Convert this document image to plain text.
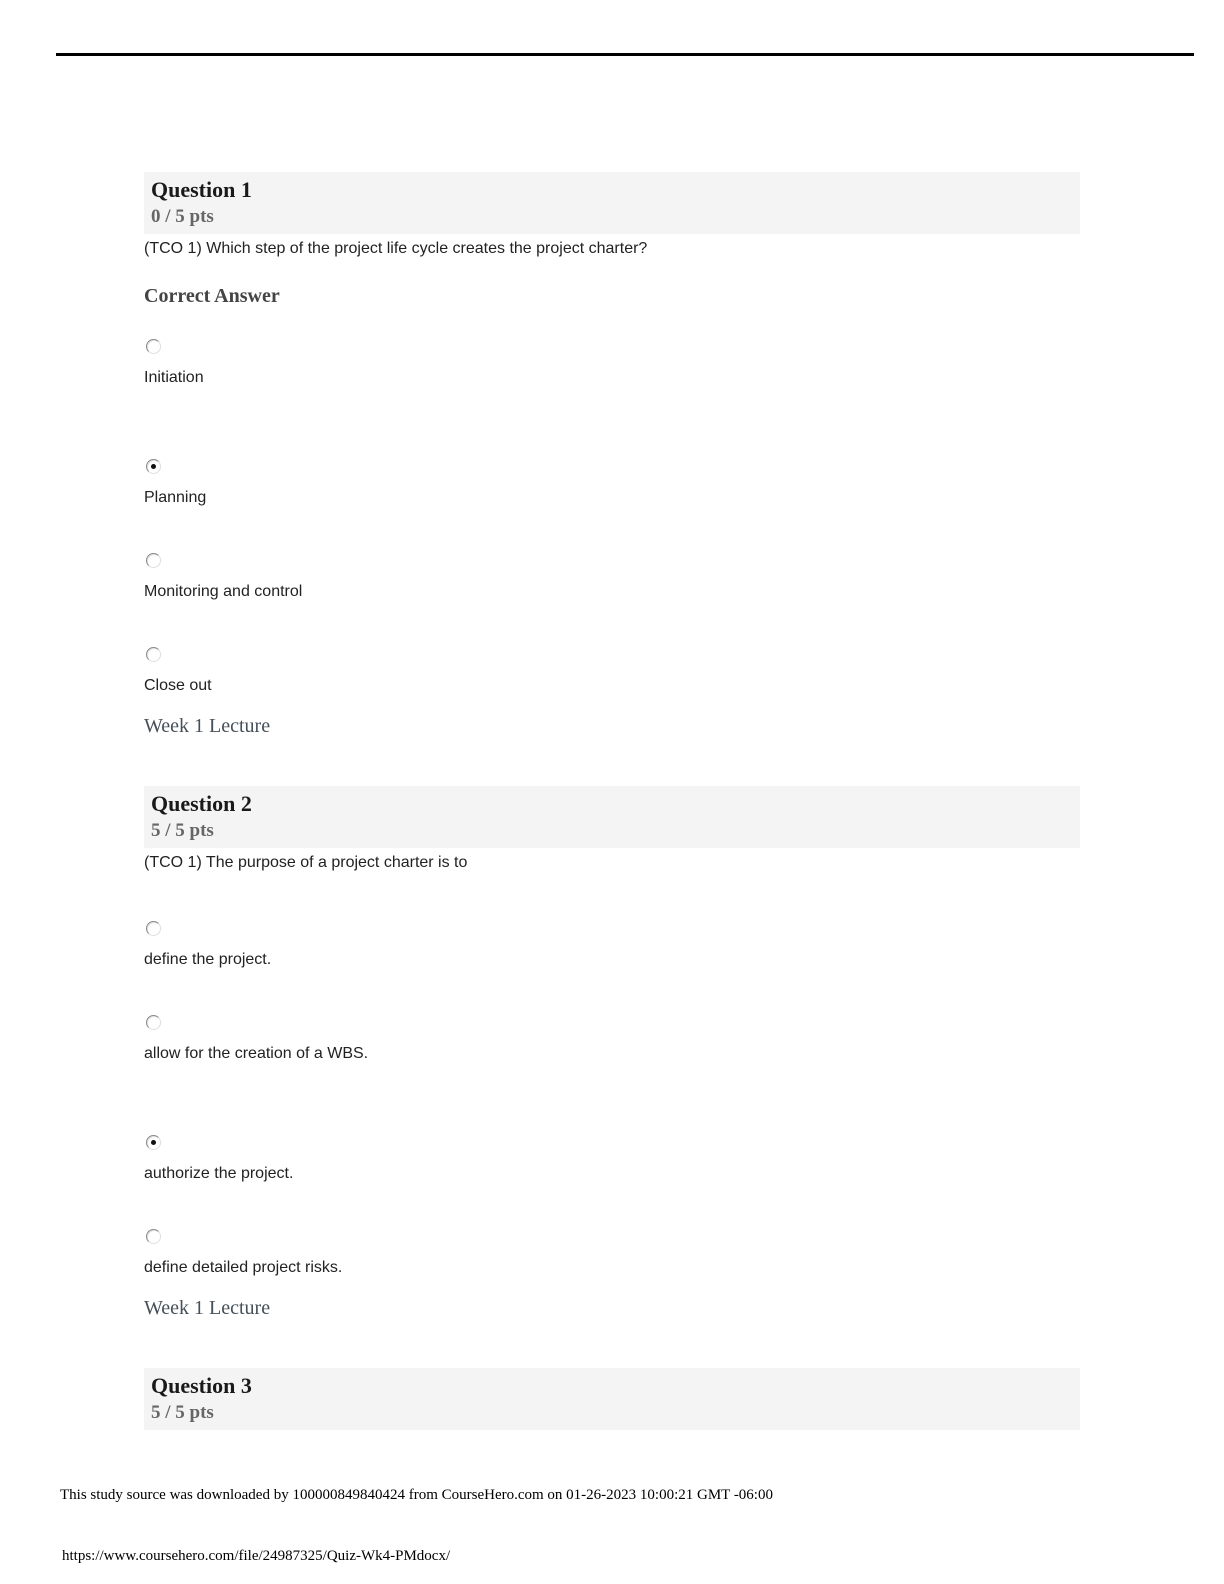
Question 1
0 / 5 pts
(TCO 1) Which step of the project life cycle creates the project charter?
Correct Answer
Initiation
Planning
Monitoring and control
Close out
Week 1 Lecture
Question 2
5 / 5 pts
(TCO 1) The purpose of a project charter is to
define the project.
allow for the creation of a WBS.
authorize the project.
define detailed project risks.
Week 1 Lecture
Question 3
5 / 5 pts
This study source was downloaded by 100000849840424 from CourseHero.com on 01-26-2023 10:00:21 GMT -06:00
https://www.coursehero.com/file/24987325/Quiz-Wk4-PMdocx/
